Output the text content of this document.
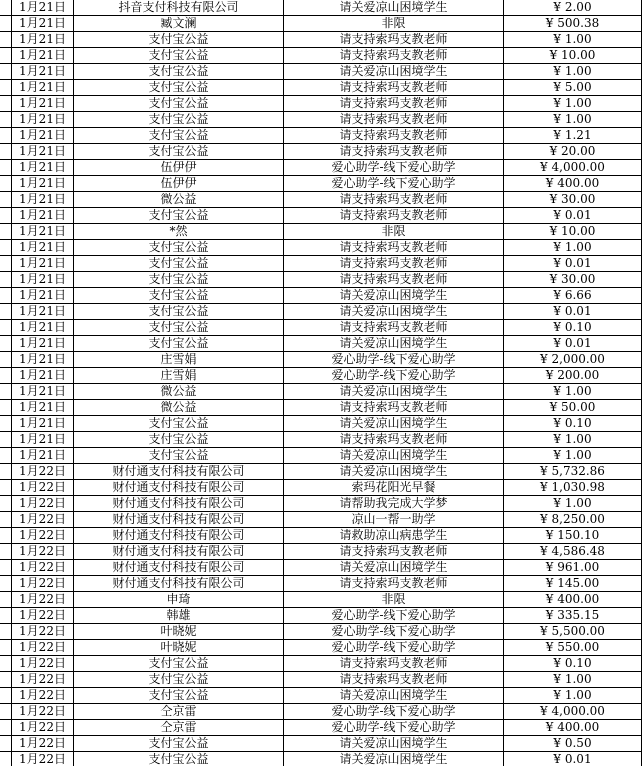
	1月21日	抖音支付科技有限公司	请关爱凉山困境学生	¥ 2.00
	1月21日	臧文澜	非限	¥ 500.38
	1月21日	支付宝公益	请支持索玛支教老师	¥ 1.00
	1月21日	支付宝公益	请支持索玛支教老师	¥ 10.00
	1月21日	支付宝公益	请关爱凉山困境学生	¥ 1.00
	1月21日	支付宝公益	请支持索玛支教老师	¥ 5.00
	1月21日	支付宝公益	请支持索玛支教老师	¥ 1.00
	1月21日	支付宝公益	请支持索玛支教老师	¥ 1.00
	1月21日	支付宝公益	请支持索玛支教老师	¥ 1.21
	1月21日	支付宝公益	请支持索玛支教老师	¥ 20.00
	1月21日	伍伊伊	爱心助学-线下爱心助学	¥ 4,000.00
	1月21日	伍伊伊	爱心助学-线下爱心助学	¥ 400.00
	1月21日	微公益	请支持索玛支教老师	¥ 30.00
	1月21日	支付宝公益	请支持索玛支教老师	¥ 0.01
	1月21日	*然	非限	¥ 10.00
	1月21日	支付宝公益	请支持索玛支教老师	¥ 1.00
	1月21日	支付宝公益	请支持索玛支教老师	¥ 0.01
	1月21日	支付宝公益	请支持索玛支教老师	¥ 30.00
	1月21日	支付宝公益	请关爱凉山困境学生	¥ 6.66
	1月21日	支付宝公益	请关爱凉山困境学生	¥ 0.01
	1月21日	支付宝公益	请支持索玛支教老师	¥ 0.10
	1月21日	支付宝公益	请关爱凉山困境学生	¥ 0.01
	1月21日	庄雪娟	爱心助学-线下爱心助学	¥ 2,000.00
	1月21日	庄雪娟	爱心助学-线下爱心助学	¥ 200.00
	1月21日	微公益	请关爱凉山困境学生	¥ 1.00
	1月21日	微公益	请支持索玛支教老师	¥ 50.00
	1月21日	支付宝公益	请关爱凉山困境学生	¥ 0.10
	1月21日	支付宝公益	请支持索玛支教老师	¥ 1.00
	1月21日	支付宝公益	请关爱凉山困境学生	¥ 1.00
	1月22日	财付通支付科技有限公司	请关爱凉山困境学生	¥ 5,732.86
	1月22日	财付通支付科技有限公司	索玛花阳光早餐	¥ 1,030.98
	1月22日	财付通支付科技有限公司	请帮助我完成大学梦	¥ 1.00
	1月22日	财付通支付科技有限公司	凉山一帮一助学	¥ 8,250.00
	1月22日	财付通支付科技有限公司	请救助凉山病患学生	¥ 150.10
	1月22日	财付通支付科技有限公司	请支持索玛支教老师	¥ 4,586.48
	1月22日	财付通支付科技有限公司	请关爱凉山困境学生	¥ 961.00
	1月22日	财付通支付科技有限公司	请支持索玛支教老师	¥ 145.00
	1月22日	申琦	非限	¥ 400.00
	1月22日	韩雄	爱心助学-线下爱心助学	¥ 335.15
	1月22日	叶晓妮	爱心助学-线下爱心助学	¥ 5,500.00
	1月22日	叶晓妮	爱心助学-线下爱心助学	¥ 550.00
	1月22日	支付宝公益	请支持索玛支教老师	¥ 0.10
	1月22日	支付宝公益	请支持索玛支教老师	¥ 1.00
	1月22日	支付宝公益	请关爱凉山困境学生	¥ 1.00
	1月22日	仝京雷	爱心助学-线下爱心助学	¥ 4,000.00
	1月22日	仝京雷	爱心助学-线下爱心助学	¥ 400.00
	1月22日	支付宝公益	请关爱凉山困境学生	¥ 0.50
	1月22日	支付宝公益	请关爱凉山困境学生	¥ 0.01
